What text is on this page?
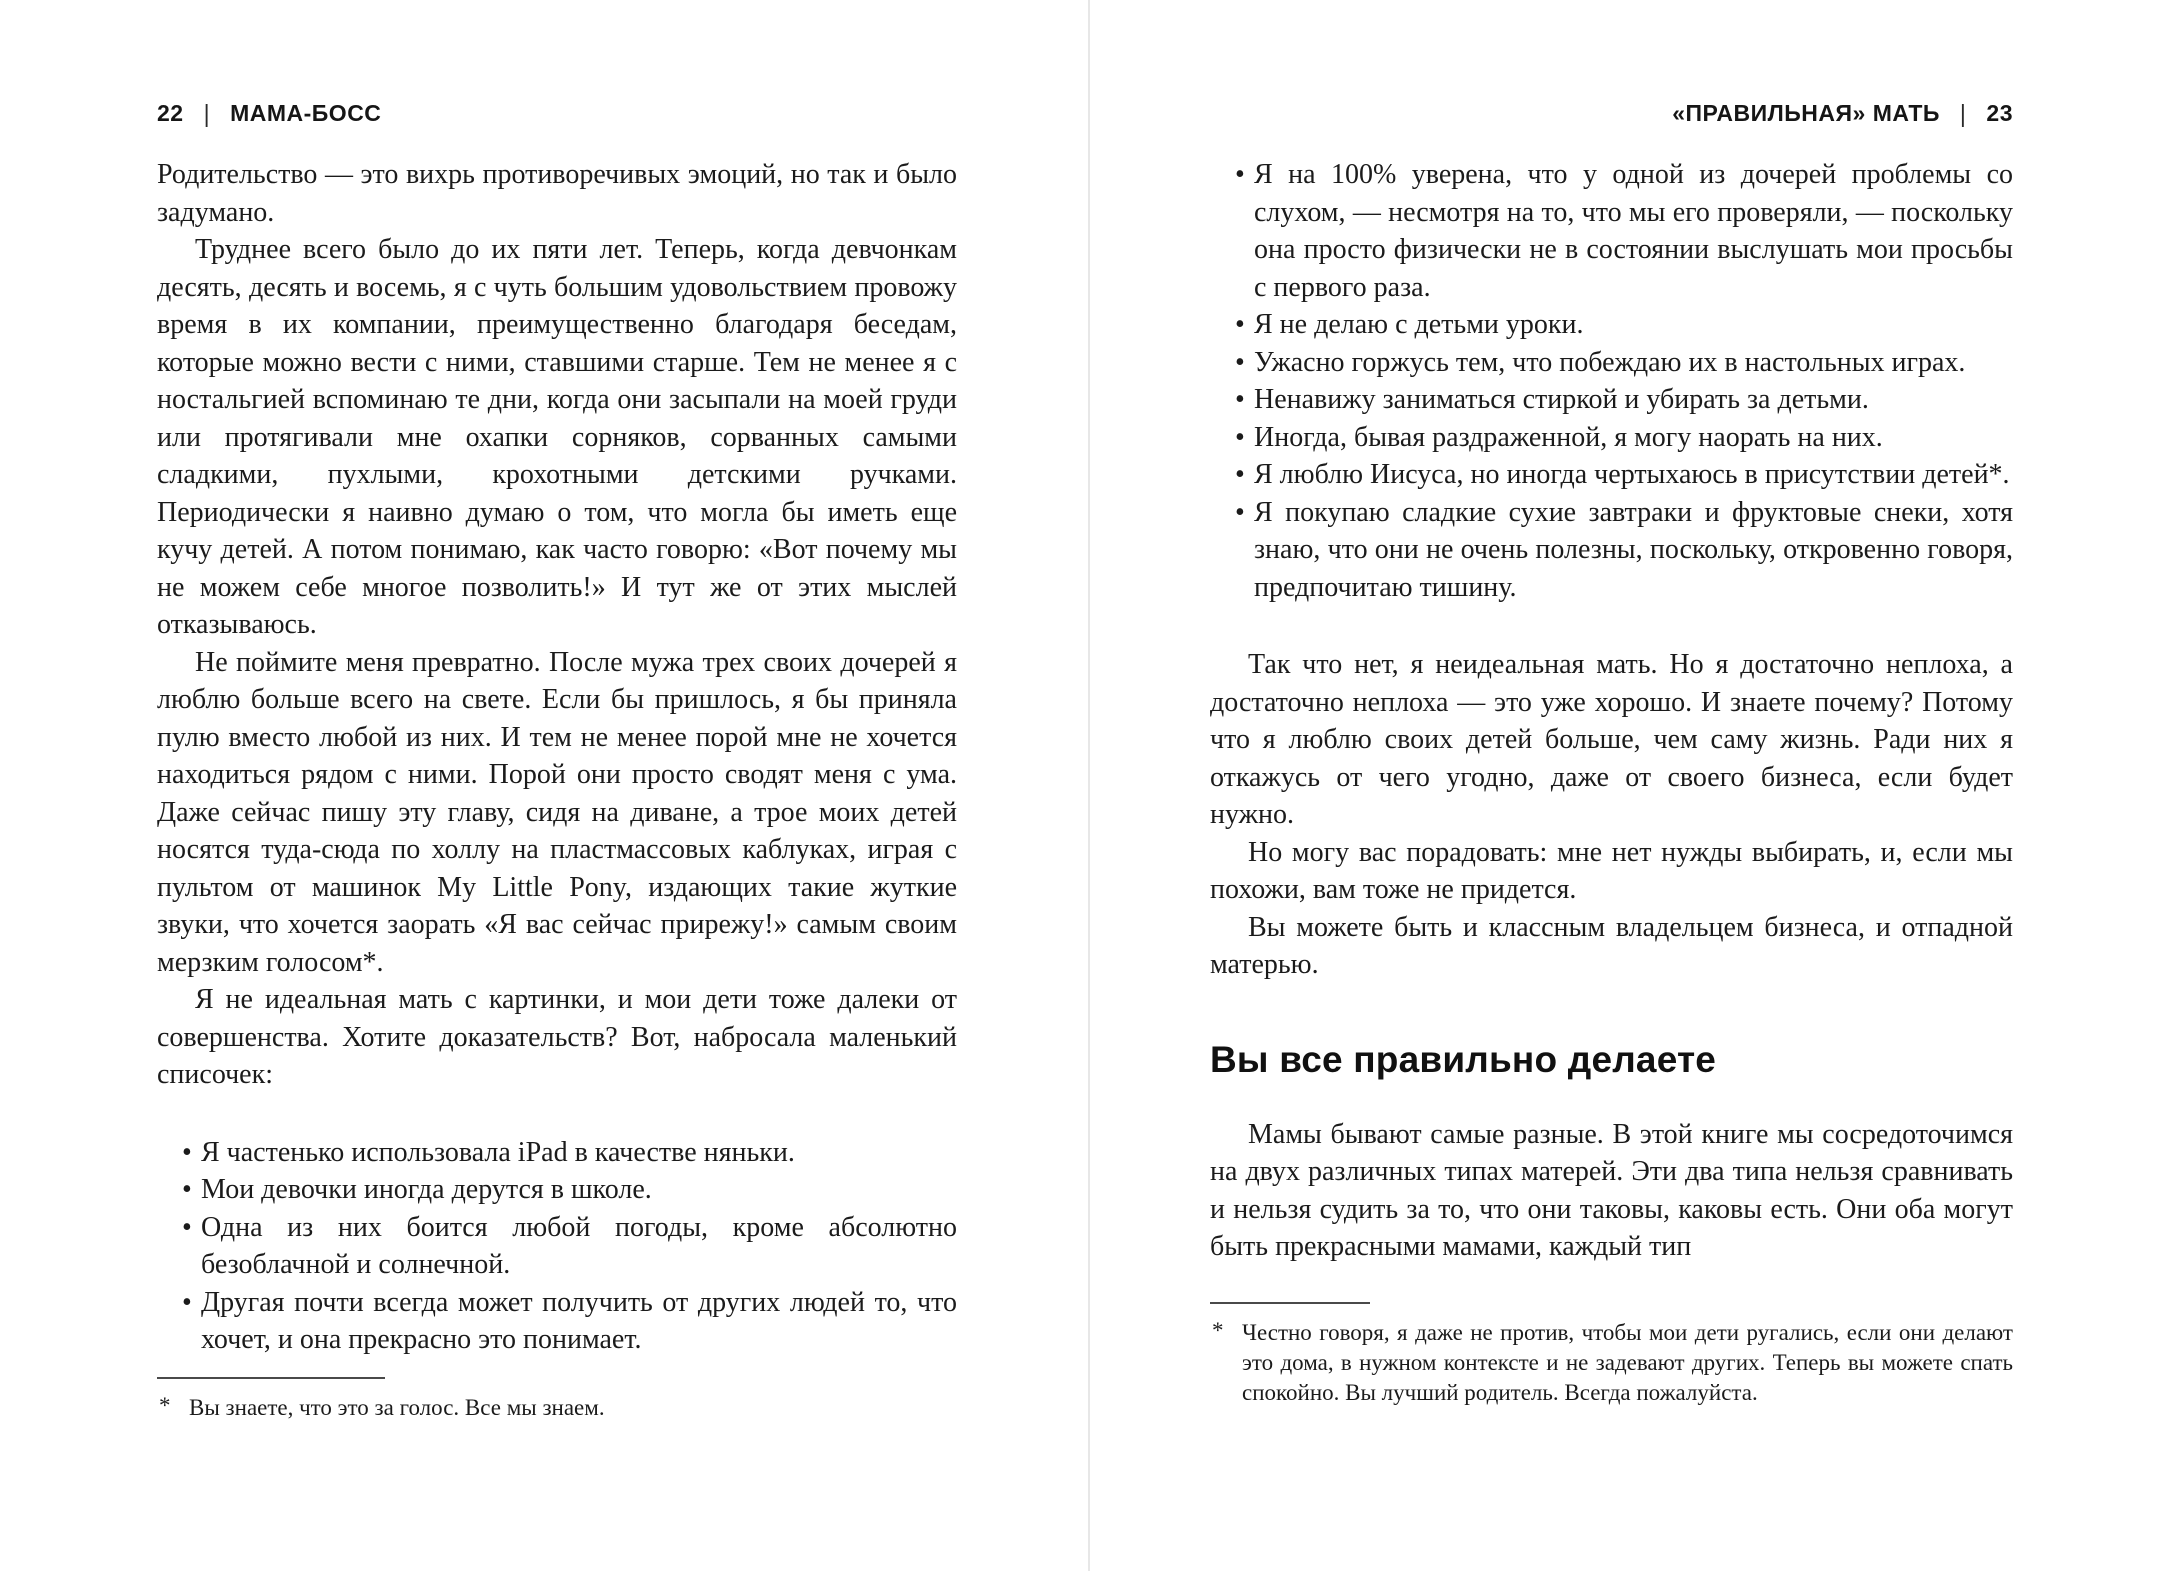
22 | МАМА-БОСС

Родительство — это вихрь противоречивых эмоций, но так и было задумано.

Труднее всего было до их пяти лет. Теперь, когда девчонкам десять, десять и восемь, я с чуть большим удовольствием провожу время в их компании, преимущественно благодаря беседам, которые можно вести с ними, ставшими старше. Тем не менее я с ностальгией вспоминаю те дни, когда они засыпали на моей груди или протягивали мне охапки сорняков, сорванных самыми сладкими, пухлыми, крохотными детскими ручками. Периодически я наивно думаю о том, что могла бы иметь еще кучу детей. А потом понимаю, как часто говорю: «Вот почему мы не можем себе многое позволить!» И тут же от этих мыслей отказываюсь.

Не поймите меня превратно. После мужа трех своих дочерей я люблю больше всего на свете. Если бы пришлось, я бы приняла пулю вместо любой из них. И тем не менее порой мне не хочется находиться рядом с ними. Порой они просто сводят меня с ума. Даже сейчас пишу эту главу, сидя на диване, а трое моих детей носятся туда-сюда по холлу на пластмассовых каблуках, играя с пультом от машинок My Little Pony, издающих такие жуткие звуки, что хочется заорать «Я вас сейчас прирежу!» самым своим мерзким голосом*.

Я не идеальная мать с картинки, и мои дети тоже далеки от совершенства. Хотите доказательств? Вот, набросала маленький списочек:

• Я частенько использовала iPad в качестве няньки.
• Мои девочки иногда дерутся в школе.
• Одна из них боится любой погоды, кроме абсолютно безоблачной и солнечной.
• Другая почти всегда может получить от других людей то, что хочет, и она прекрасно это понимает.

* Вы знаете, что это за голос. Все мы знаем.

«ПРАВИЛЬНАЯ» МАТЬ | 23
• Я на 100% уверена, что у одной из дочерей проблемы со слухом, — несмотря на то, что мы его проверяли, — поскольку она просто физически не в состоянии выслушать мои просьбы с первого раза.
• Я не делаю с детьми уроки.
• Ужасно горжусь тем, что побеждаю их в настольных играх.
• Ненавижу заниматься стиркой и убирать за детьми.
• Иногда, бывая раздраженной, я могу наорать на них.
• Я люблю Иисуса, но иногда чертыхаюсь в присутствии детей*.
• Я покупаю сладкие сухие завтраки и фруктовые снеки, хотя знаю, что они не очень полезны, поскольку, откровенно говоря, предпочитаю тишину.

Так что нет, я неидеальная мать. Но я достаточно неплоха, а достаточно неплоха — это уже хорошо. И знаете почему? Потому что я люблю своих детей больше, чем саму жизнь. Ради них я откажусь от чего угодно, даже от своего бизнеса, если будет нужно.

Но могу вас порадовать: мне нет нужды выбирать, и, если мы похожи, вам тоже не придется.

Вы можете быть и классным владельцем бизнеса, и отпадной матерью.

Вы все правильно делаете

Мамы бывают самые разные. В этой книге мы сосредоточимся на двух различных типах матерей. Эти два типа нельзя сравнивать и нельзя судить за то, что они таковы, каковы есть. Они оба могут быть прекрасными мамами, каждый тип

* Честно говоря, я даже не против, чтобы мои дети ругались, если они делают это дома, в нужном контексте и не задевают других. Теперь вы можете спать спокойно. Вы лучший родитель. Всегда пожалуйста.
